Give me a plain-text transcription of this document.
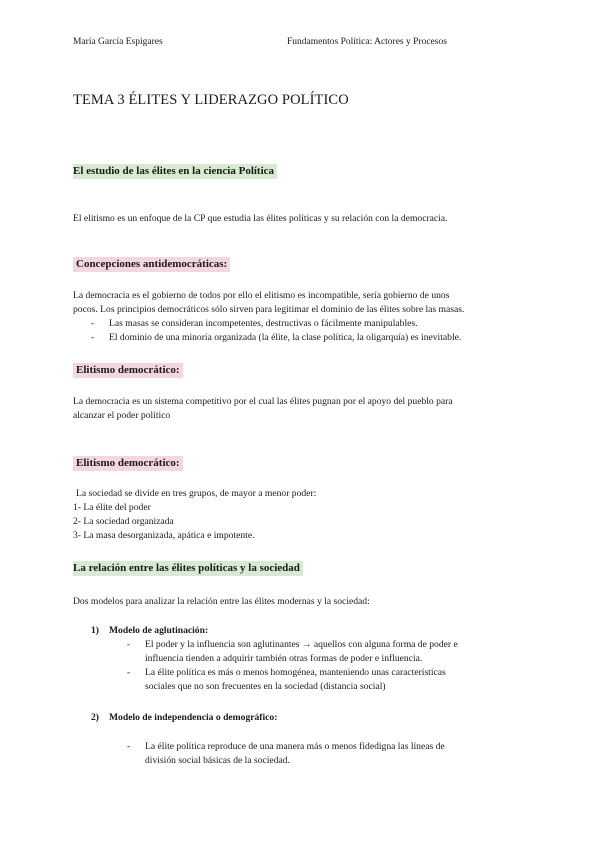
María García Espigares	Fundamentos Política: Actores y Procesos
TEMA 3 ÉLITES Y LIDERAZGO POLÍTICO
El estudio de las élites en la ciencia Política
El elitismo es un enfoque de la CP que estudia las élites políticas y su relación con la democracia.
Concepciones antidemocráticas:
La democracia es el gobierno de todos por ello el elitismo es incompatible, sería gobierno de unos
pocos. Los principios democráticos sólo sirven para legitimar el dominio de las élites sobre las masas.
- Las masas se consideran incompetentes, destructivas o fácilmente manipulables.
- El dominio de una minoría organizada (la élite, la clase política, la oligarquía) es inevitable.
Elitismo democrático:
La democracia es un sistema competitivo por el cual las élites pugnan por el apoyo del pueblo para
alcanzar el poder político
Elitismo democrático:
La sociedad se divide en tres grupos, de mayor a menor poder:
1- La élite del poder
2- La sociedad organizada
3- La masa desorganizada, apática e impotente.
La relación entre las élites políticas y la sociedad
Dos modelos para analizar la relación entre las élites modernas y la sociedad:
1) Modelo de aglutinación:
- El poder y la influencia son aglutinantes → aquellos con alguna forma de poder e
influencia tienden a adquirir también otras formas de poder e influencia.
- La élite política es más o menos homogénea, manteniendo unas características
sociales que no son frecuentes en la sociedad (distancia social)
2) Modelo de independencia o demográfico:
- La élite política reproduce de una manera más o menos fidedigna las líneas de
división social básicas de la sociedad.
